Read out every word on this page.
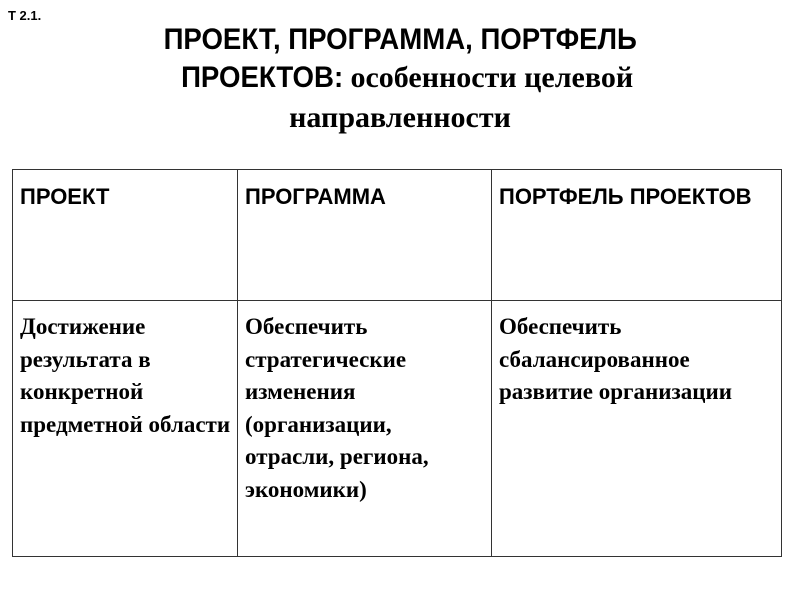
Т 2.1.
ПРОЕКТ, ПРОГРАММА, ПОРТФЕЛЬ
ПРОЕКТОВ: особенности целевой
направленности
ПРОЕКТ	ПРОГРАММА	ПОРТФЕЛЬ ПРОЕКТОВ
Достижение результата в конкретной предметной области	Обеспечить стратегические изменения (организации, отрасли, региона, экономики)	Обеспечить сбалансированное развитие организации
